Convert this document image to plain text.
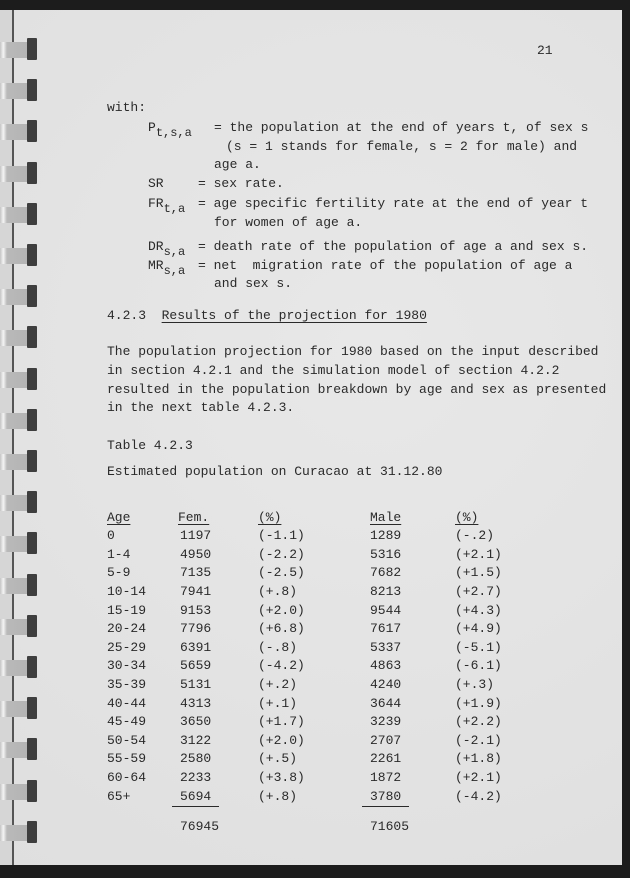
21
with:
Pt,s,a = the population at the end of years t, of sex s
(s = 1 stands for female, s = 2 for male) and
age a.
SR	= sex rate.
FRt,a = age specific fertility rate at the end of year t
for women of age a.
DRs,a = death rate of the population of age a and sex s.
MRs,a = net  migration rate of the population of age a
and sex s.
4.2.3 Results of the projection for 1980
The population projection for 1980 based on the input described
in section 4.2.1 and the simulation model of section 4.2.2
resulted in the population breakdown by age and sex as presented
in the next table 4.2.3.
Table 4.2.3
Estimated population on Curacao at 31.12.80
Age	Fem.	(%)	Male	(%)
0	1197	(-1.1)	1289	(-.2)
1-4	4950	(-2.2)	5316	(+2.1)
5-9	7135	(-2.5)	7682	(+1.5)
10-14	7941	(+.8)	8213	(+2.7)
15-19	9153	(+2.0)	9544	(+4.3)
20-24	7796	(+6.8)	7617	(+4.9)
25-29	6391	(-.8)	5337	(-5.1)
30-34	5659	(-4.2)	4863	(-6.1)
35-39	5131	(+.2)	4240	(+.3)
40-44	4313	(+.1)	3644	(+1.9)
45-49	3650	(+1.7)	3239	(+2.2)
50-54	3122	(+2.0)	2707	(-2.1)
55-59	2580	(+.5)	2261	(+1.8)
60-64	2233	(+3.8)	1872	(+2.1)
65+	5694	(+.8)	3780	(-4.2)
	76945		71605	
